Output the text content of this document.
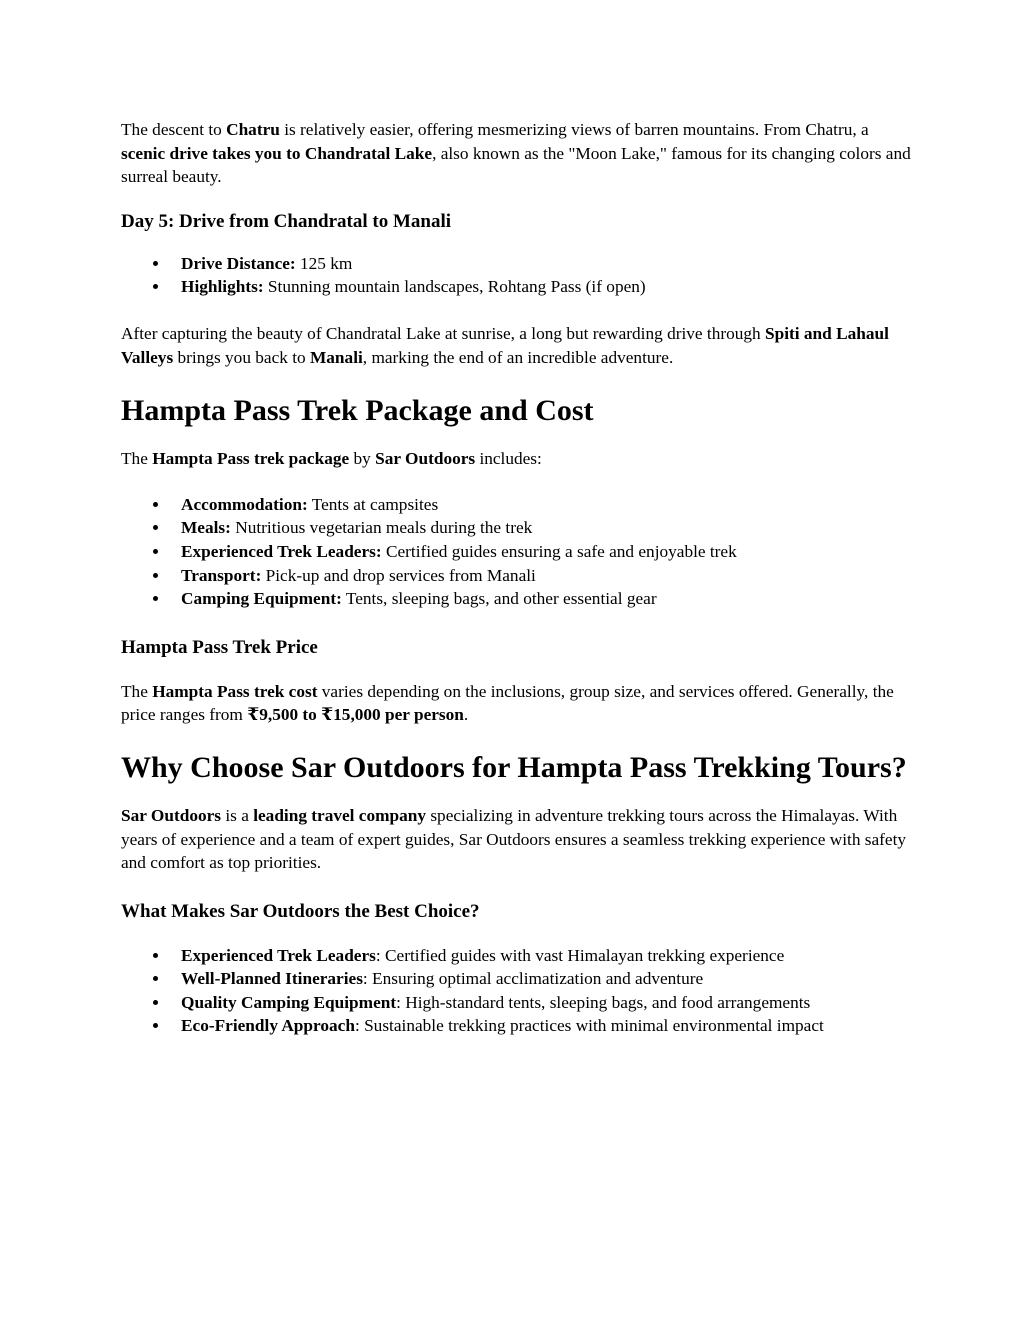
The descent to Chatru is relatively easier, offering mesmerizing views of barren mountains. From Chatru, a scenic drive takes you to Chandratal Lake, also known as the "Moon Lake," famous for its changing colors and surreal beauty.

Day 5: Drive from Chandratal to Manali
Drive Distance: 125 km
Highlights: Stunning mountain landscapes, Rohtang Pass (if open)

After capturing the beauty of Chandratal Lake at sunrise, a long but rewarding drive through Spiti and Lahaul Valleys brings you back to Manali, marking the end of an incredible adventure.

Hampta Pass Trek Package and Cost

The Hampta Pass trek package by Sar Outdoors includes:

Accommodation: Tents at campsites
Meals: Nutritious vegetarian meals during the trek
Experienced Trek Leaders: Certified guides ensuring a safe and enjoyable trek
Transport: Pick-up and drop services from Manali
Camping Equipment: Tents, sleeping bags, and other essential gear
Hampta Pass Trek Price

The Hampta Pass trek cost varies depending on the inclusions, group size, and services offered. Generally, the price ranges from ₹9,500 to ₹15,000 per person.

Why Choose Sar Outdoors for Hampta Pass Trekking Tours?

Sar Outdoors is a leading travel company specializing in adventure trekking tours across the Himalayas. With years of experience and a team of expert guides, Sar Outdoors ensures a seamless trekking experience with safety and comfort as top priorities.

What Makes Sar Outdoors the Best Choice?
Experienced Trek Leaders: Certified guides with vast Himalayan trekking experience
Well-Planned Itineraries: Ensuring optimal acclimatization and adventure
Quality Camping Equipment: High-standard tents, sleeping bags, and food arrangements
Eco-Friendly Approach: Sustainable trekking practices with minimal environmental impact
